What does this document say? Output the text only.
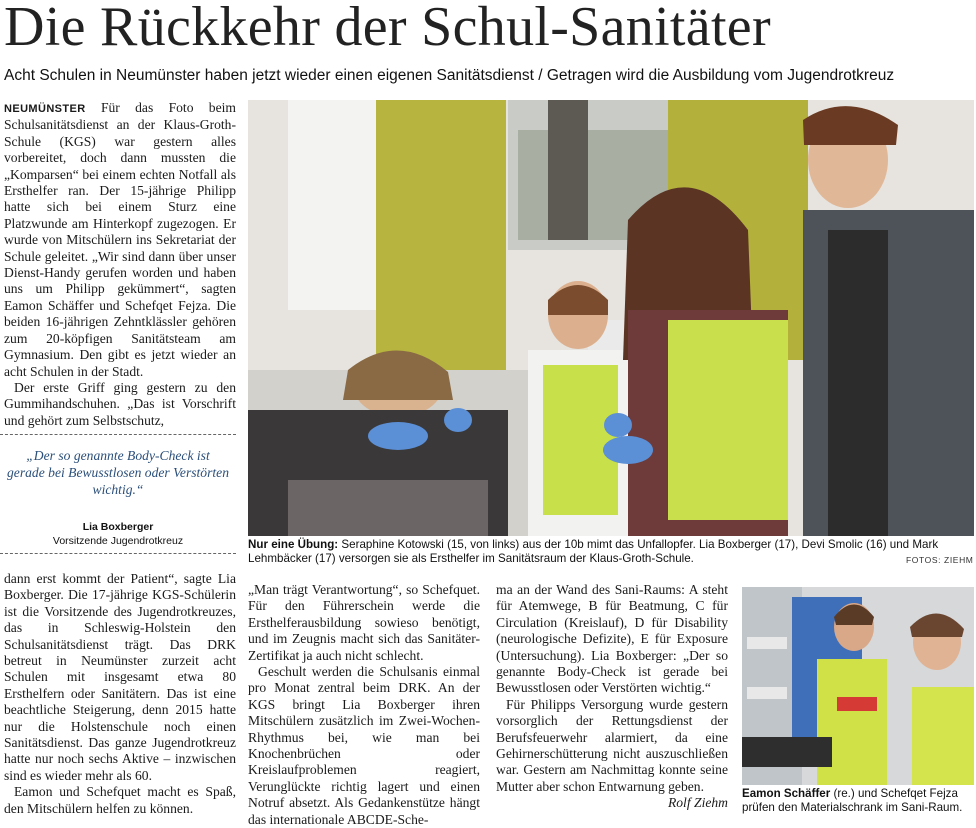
Die Rückkehr der Schul-Sanitäter
Acht Schulen in Neumünster haben jetzt wieder einen eigenen Sanitätsdienst / Getragen wird die Ausbildung vom Jugendrotkreuz

NEUMÜNSTER Für das Foto beim Schulsanitätsdienst an der Klaus-Groth-Schule (KGS) war gestern alles vorbereitet, doch dann mussten die „Komparsen“ bei einem echten Notfall als Ersthelfer ran. Der 15-jährige Philipp hatte sich bei einem Sturz eine Platzwunde am Hinterkopf zugezogen. Er wurde von Mitschülern ins Sekretariat der Schule geleitet. „Wir sind dann über unser Dienst-Handy gerufen worden und haben uns um Philipp gekümmert“, sagten Eamon Schäffer und Schefqet Fejza. Die beiden 16-jährigen Zehntklässler gehören zum 20-köpfigen Sanitätsteam am Gymnasium. Den gibt es jetzt wieder an acht Schulen in der Stadt.

Der erste Griff ging gestern zu den Gummihandschuhen. „Das ist Vorschrift und gehört zum Selbstschutz,

„Der so genannte Body-Check ist gerade bei Bewusstlosen oder Verstörten wichtig.“
Lia Boxberger
Vorsitzende Jugendrotkreuz

dann erst kommt der Patient“, sagte Lia Boxberger. Die 17-jährige KGS-Schülerin ist die Vorsitzende des Jugendrotkreuzes, das in Schleswig-Holstein den Schulsanitätsdienst trägt. Das DRK betreut in Neumünster zurzeit acht Schulen mit insgesamt etwa 80 Ersthelfern oder Sanitätern. Das ist eine beachtliche Steigerung, denn 2015 hatte nur die Holstenschule noch einen Sanitätsdienst. Das ganze Jugendrotkreuz hatte nur noch sechs Aktive – inzwischen sind es wieder mehr als 60.

Eamon und Schefquet macht es Spaß, den Mitschülern helfen zu können.

Nur eine Übung: Seraphine Kotowski (15, von links) aus der 10b mimt das Unfallopfer. Lia Boxberger (17), Devi Smolic (16) und Mark Lehmbäcker (17) versorgen sie als Ersthelfer im Sanitätsraum der Klaus-Groth-Schule.	FOTOS: ZIEHM

„Man trägt Verantwortung“, so Schefquet. Für den Führerschein werde die Ersthelferausbildung sowieso benötigt, und im Zeugnis macht sich das Sanitäter-Zertifikat ja auch nicht schlecht.

Geschult werden die Schulsanis einmal pro Monat zentral beim DRK. An der KGS bringt Lia Boxberger ihren Mitschülern zusätzlich im Zwei-Wochen-Rhythmus bei, wie man bei Knochenbrüchen oder Kreislaufproblemen reagiert, Verunglückte richtig lagert und einen Notruf absetzt. Als Gedankenstütze hängt das internationale ABCDE-Sche-

ma an der Wand des Sani-Raums: A steht für Atemwege, B für Beatmung, C für Circulation (Kreislauf), D für Disability (neurologische Defizite), E für Exposure (Untersuchung). Lia Boxberger: „Der so genannte Body-Check ist gerade bei Bewusstlosen oder Verstörten wichtig.“

Für Philipps Versorgung wurde gestern vorsorglich der Rettungsdienst der Berufsfeuerwehr alarmiert, da eine Gehirnerschütterung nicht auszuschließen war. Gestern am Nachmittag konnte seine Mutter aber schon Entwarnung geben.
Rolf Ziehm

Eamon Schäffer (re.) und Schefqet Fejza prüfen den Materialschrank im Sani-Raum.
